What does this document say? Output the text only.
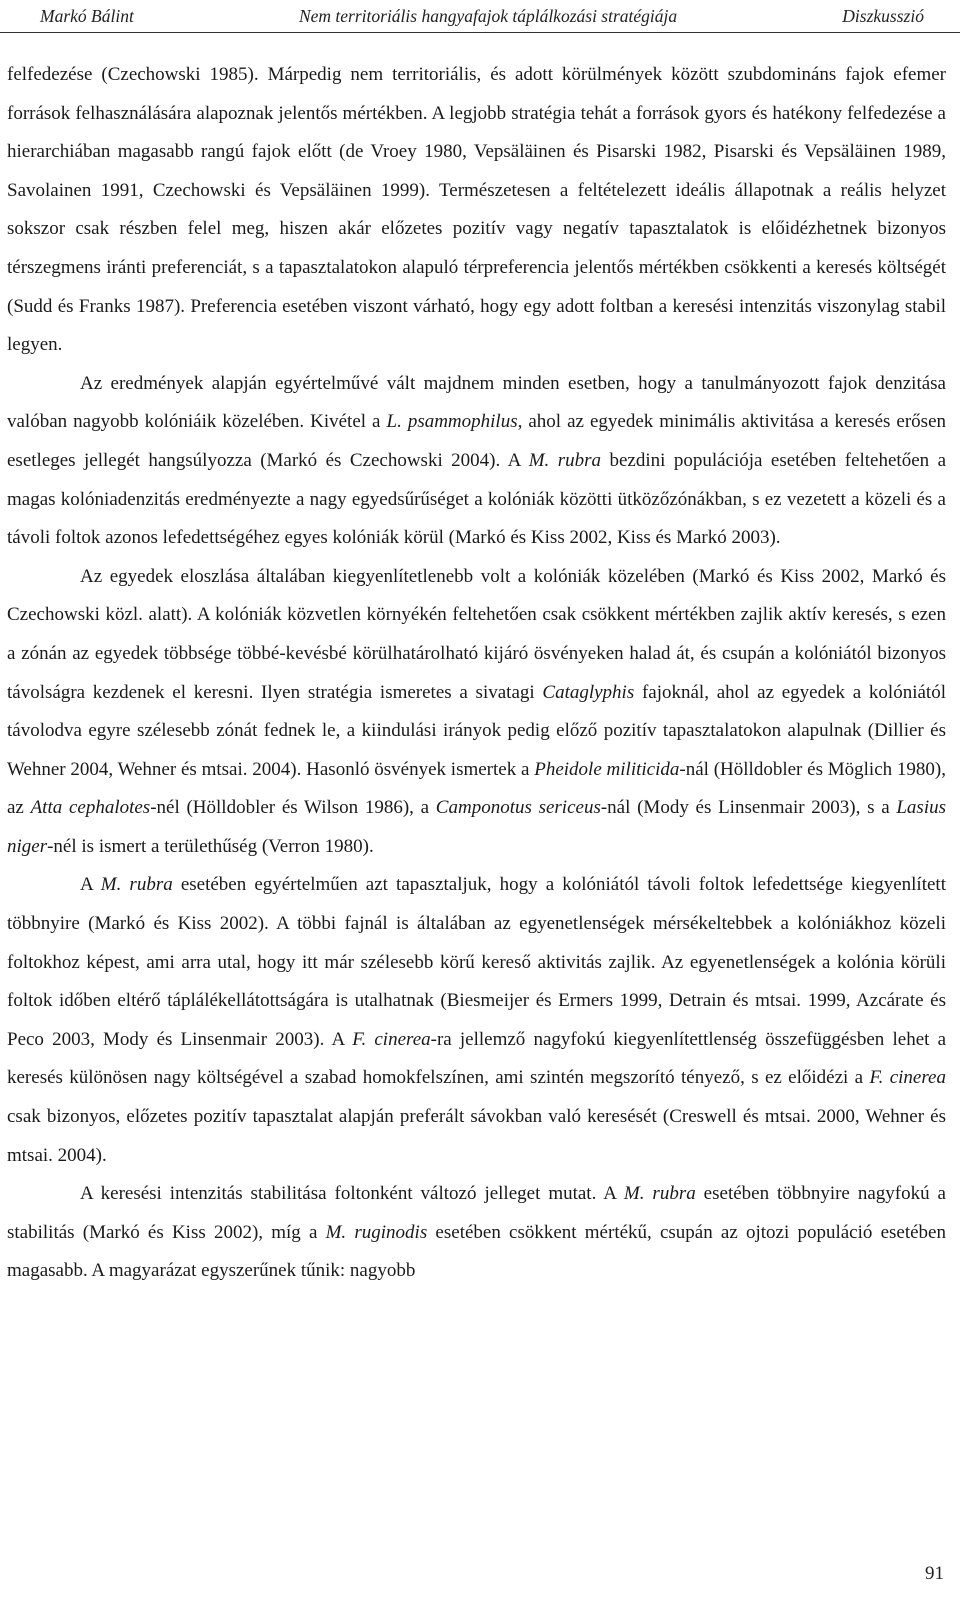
Markó Bálint	Nem territoriális hangyafajok táplálkozási stratégiája	Diszkusszió

felfedezése (Czechowski 1985). Márpedig nem territoriális, és adott körülmények között szubdomináns fajok efemer források felhasználására alapoznak jelentős mértékben. A legjobb stratégia tehát a források gyors és hatékony felfedezése a hierarchiában magasabb rangú fajok előtt (de Vroey 1980, Vepsäläinen és Pisarski 1982, Pisarski és Vepsäläinen 1989, Savolainen 1991, Czechowski és Vepsäläinen 1999). Természetesen a feltételezett ideális állapotnak a reális helyzet sokszor csak részben felel meg, hiszen akár előzetes pozitív vagy negatív tapasztalatok is előidézhetnek bizonyos térszegmens iránti preferenciát, s a tapasztalatokon alapuló térpreferencia jelentős mértékben csökkenti a keresés költségét (Sudd és Franks 1987). Preferencia esetében viszont várható, hogy egy adott foltban a keresési intenzitás viszonylag stabil legyen.

Az eredmények alapján egyértelművé vált majdnem minden esetben, hogy a tanulmányozott fajok denzitása valóban nagyobb kolóniáik közelében. Kivétel a L. psammophilus, ahol az egyedek minimális aktivitása a keresés erősen esetleges jellegét hangsúlyozza (Markó és Czechowski 2004). A M. rubra bezdini populációja esetében feltehetően a magas kolóniadenzitás eredményezte a nagy egyedsűrűséget a kolóniák közötti ütközőzónákban, s ez vezetett a közeli és a távoli foltok azonos lefedettségéhez egyes kolóniák körül (Markó és Kiss 2002, Kiss és Markó 2003).

Az egyedek eloszlása általában kiegyenlítetlenebb volt a kolóniák közelében (Markó és Kiss 2002, Markó és Czechowski közl. alatt). A kolóniák közvetlen környékén feltehetően csak csökkent mértékben zajlik aktív keresés, s ezen a zónán az egyedek többsége többé-kevésbé körülhatárolható kijáró ösvényeken halad át, és csupán a kolóniától bizonyos távolságra kezdenek el keresni. Ilyen stratégia ismeretes a sivatagi Cataglyphis fajoknál, ahol az egyedek a kolóniától távolodva egyre szélesebb zónát fednek le, a kiindulási irányok pedig előző pozitív tapasztalatokon alapulnak (Dillier és Wehner 2004, Wehner és mtsai. 2004). Hasonló ösvények ismertek a Pheidole militicida-nál (Hölldobler és Möglich 1980), az Atta cephalotes-nél (Hölldobler és Wilson 1986), a Camponotus sericeus-nál (Mody és Linsenmair 2003), s a Lasius niger-nél is ismert a területhűség (Verron 1980).

A M. rubra esetében egyértelműen azt tapasztaljuk, hogy a kolóniától távoli foltok lefedettsége kiegyenlített többnyire (Markó és Kiss 2002). A többi fajnál is általában az egyenetlenségek mérsékeltebbek a kolóniákhoz közeli foltokhoz képest, ami arra utal, hogy itt már szélesebb körű kereső aktivitás zajlik. Az egyenetlenségek a kolónia körüli foltok időben eltérő táplálékellátottságára is utalhatnak (Biesmeijer és Ermers 1999, Detrain és mtsai. 1999, Azcárate és Peco 2003, Mody és Linsenmair 2003). A F. cinerea-ra jellemző nagyfokú kiegyenlítettlenség összefüggésben lehet a keresés különösen nagy költségével a szabad homokfelszínen, ami szintén megszorító tényező, s ez előidézi a F. cinerea csak bizonyos, előzetes pozitív tapasztalat alapján preferált sávokban való keresését (Creswell és mtsai. 2000, Wehner és mtsai. 2004).

A keresési intenzitás stabilitása foltonként változó jelleget mutat. A M. rubra esetében többnyire nagyfokú a stabilitás (Markó és Kiss 2002), míg a M. ruginodis esetében csökkent mértékű, csupán az ojtozi populáció esetében magasabb. A magyarázat egyszerűnek tűnik: nagyobb

91
